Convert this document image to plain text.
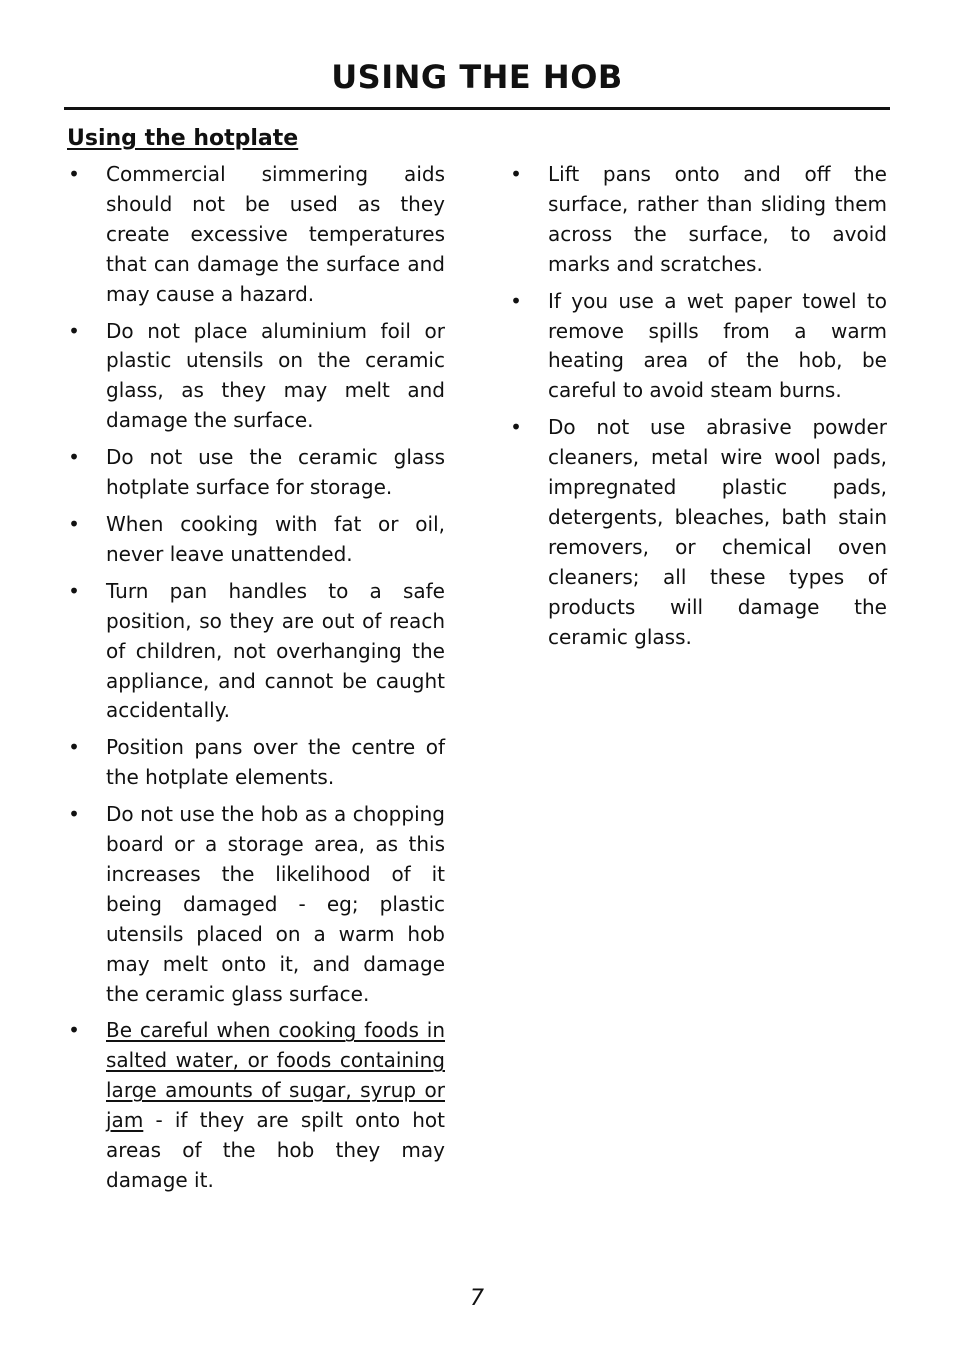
USING THE HOB
Using the hotplate
• Commercial simmering aids should not be used as they create excessive temperatures that can damage the surface and may cause a hazard.
• Do not place aluminium foil or plastic utensils on the ceramic glass, as they may melt and damage the surface.
• Do not use the ceramic glass hotplate surface for storage.
• When cooking with fat or oil, never leave unattended.
• Turn pan handles to a safe position, so they are out of reach of children, not overhanging the appliance, and cannot be caught accidentally.
• Position pans over the centre of the hotplate elements.
• Do not use the hob as a chopping board or a storage area, as this increases the likelihood of it being damaged - eg; plastic utensils placed on a warm hob may melt onto it, and damage the ceramic glass surface.
• Be careful when cooking foods in salted water, or foods containing large amounts of sugar, syrup or jam - if they are spilt onto hot areas of the hob they may damage it.
• Lift pans onto and off the surface, rather than sliding them across the surface, to avoid marks and scratches.
• If you use a wet paper towel to remove spills from a warm heating area of the hob, be careful to avoid steam burns.
• Do not use abrasive powder cleaners, metal wire wool pads, impregnated plastic pads, detergents, bleaches, bath stain removers, or chemical oven cleaners; all these types of products will damage the ceramic glass.
7
